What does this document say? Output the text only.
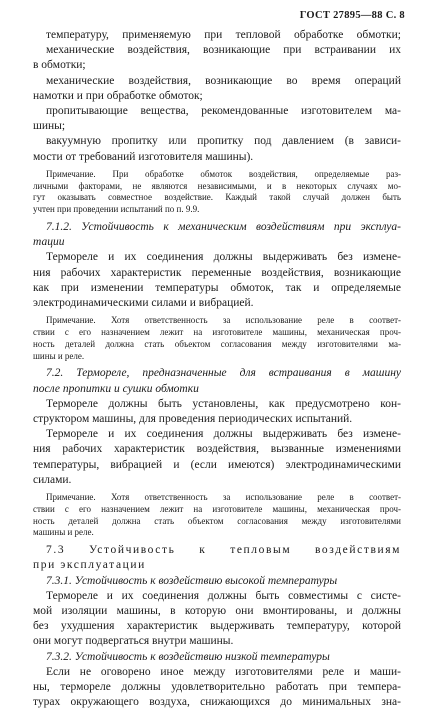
ГОСТ 27895—88 С. 8
температуру, применяемую при тепловой обработке обмотки;
механические воздействия, возникающие при встраивании их
в обмотки;
механические воздействия, возникающие во время операций
намотки и при обработке обмоток;
пропитывающие вещества, рекомендованные изготовителем ма-
шины;
вакуумную пропитку или пропитку под давлением (в зависи-
мости от требований изготовителя машины).
Примечание. При обработке обмоток воздействия, определяемые раз-
личными факторами, не являются независимыми, и в некоторых случаях мо-
гут оказывать совместное воздействие. Каждый такой случай должен быть
учтен при проведении испытаний по п. 9.9.
7.1.2. Устойчивость к механическим воздействиям при эксплуа-
тации
Термореле и их соединения должны выдерживать без измене-
ния рабочих характеристик переменные воздействия, возникающие
как при изменении температуры обмоток, так и определяемые
электродинамическими силами и вибрацией.
Примечание. Хотя ответственность за использование реле в соответ-
ствии с его назначением лежит на изготовителе машины, механическая проч-
ность деталей должна стать объектом согласования между изготовителями ма-
шины и реле.
7.2. Термореле, предназначенные для встраивания в машину
после пропитки и сушки обмотки
Термореле должны быть установлены, как предусмотрено кон-
структором машины, для проведения периодических испытаний.
Термореле и их соединения должны выдерживать без измене-
ния рабочих характеристик воздействия, вызванные изменениями
температуры, вибрацией и (если имеются) электродинамическими
силами.
Примечание. Хотя ответственность за использование реле в соответ-
ствии с его назначением лежит на изготовителе машины, механическая проч-
ность деталей должна стать объектом согласования между изготовителями
машины и реле.
7.3 Устойчивость к тепловым воздействиям
при эксплуатации
7.3.1. Устойчивость к воздействию высокой температуры
Термореле и их соединения должны быть совместимы с систе-
мой изоляции машины, в которую они вмонтированы, и должны
без ухудшения характеристик выдерживать температуру, которой
они могут подвергаться внутри машины.
7.3.2. Устойчивость к воздействию низкой температуры
Если не оговорено иное между изготовителями реле и маши-
ны, термореле должны удовлетворительно работать при темпера-
турах окружающего воздуха, снижающихся до минимальных зна-
